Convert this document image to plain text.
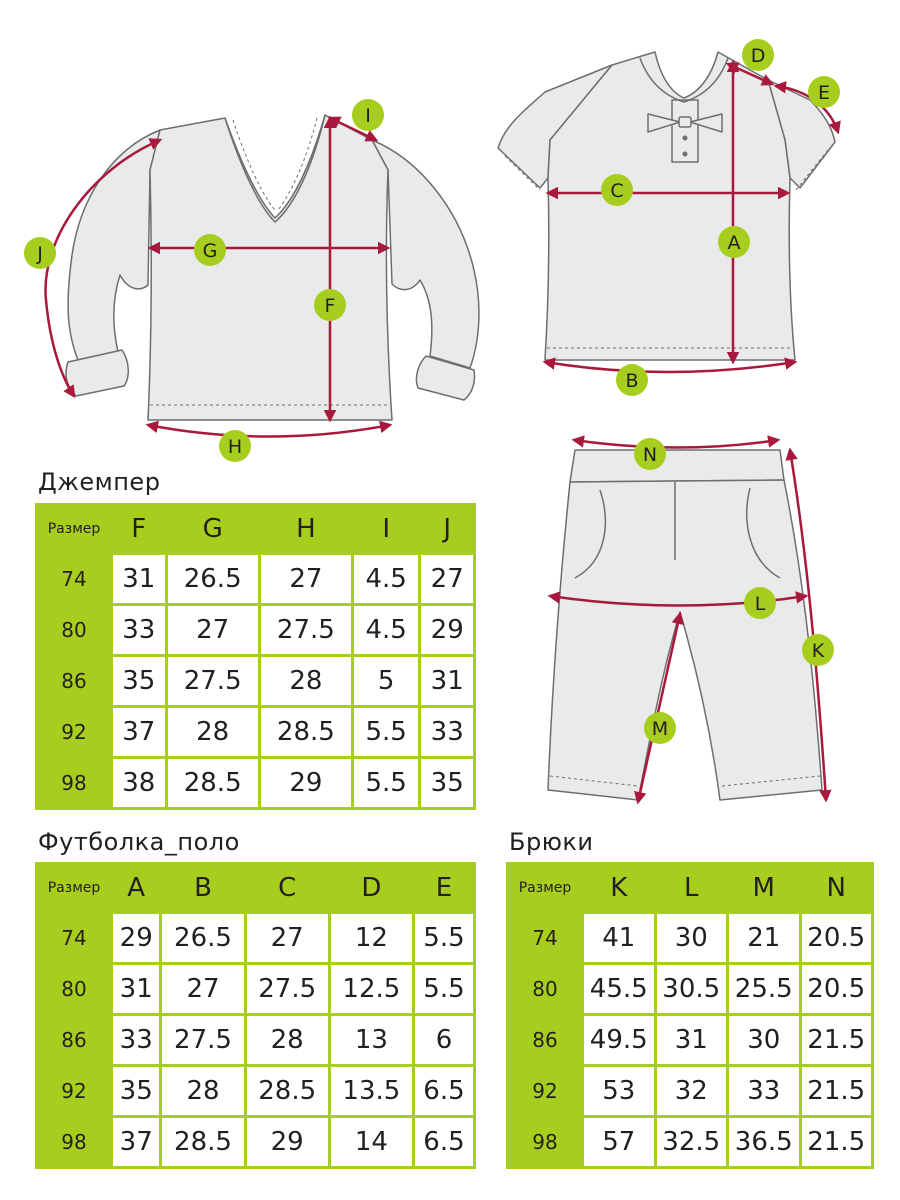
G
F
H
J
I
C
A
B
D
E
N
L
K
M
Джемпер
Размер	F	G	H	I	J
74	31	26.5	27	4.5	27
80	33	27	27.5	4.5	29
86	35	27.5	28	5	31
92	37	28	28.5	5.5	33
98	38	28.5	29	5.5	35
Футболка_поло
Размер	A	B	C	D	E
74	29	26.5	27	12	5.5
80	31	27	27.5	12.5	5.5
86	33	27.5	28	13	6
92	35	28	28.5	13.5	6.5
98	37	28.5	29	14	6.5
Брюки
Размер	K	L	M	N
74	41	30	21	20.5
80	45.5	30.5	25.5	20.5
86	49.5	31	30	21.5
92	53	32	33	21.5
98	57	32.5	36.5	21.5
